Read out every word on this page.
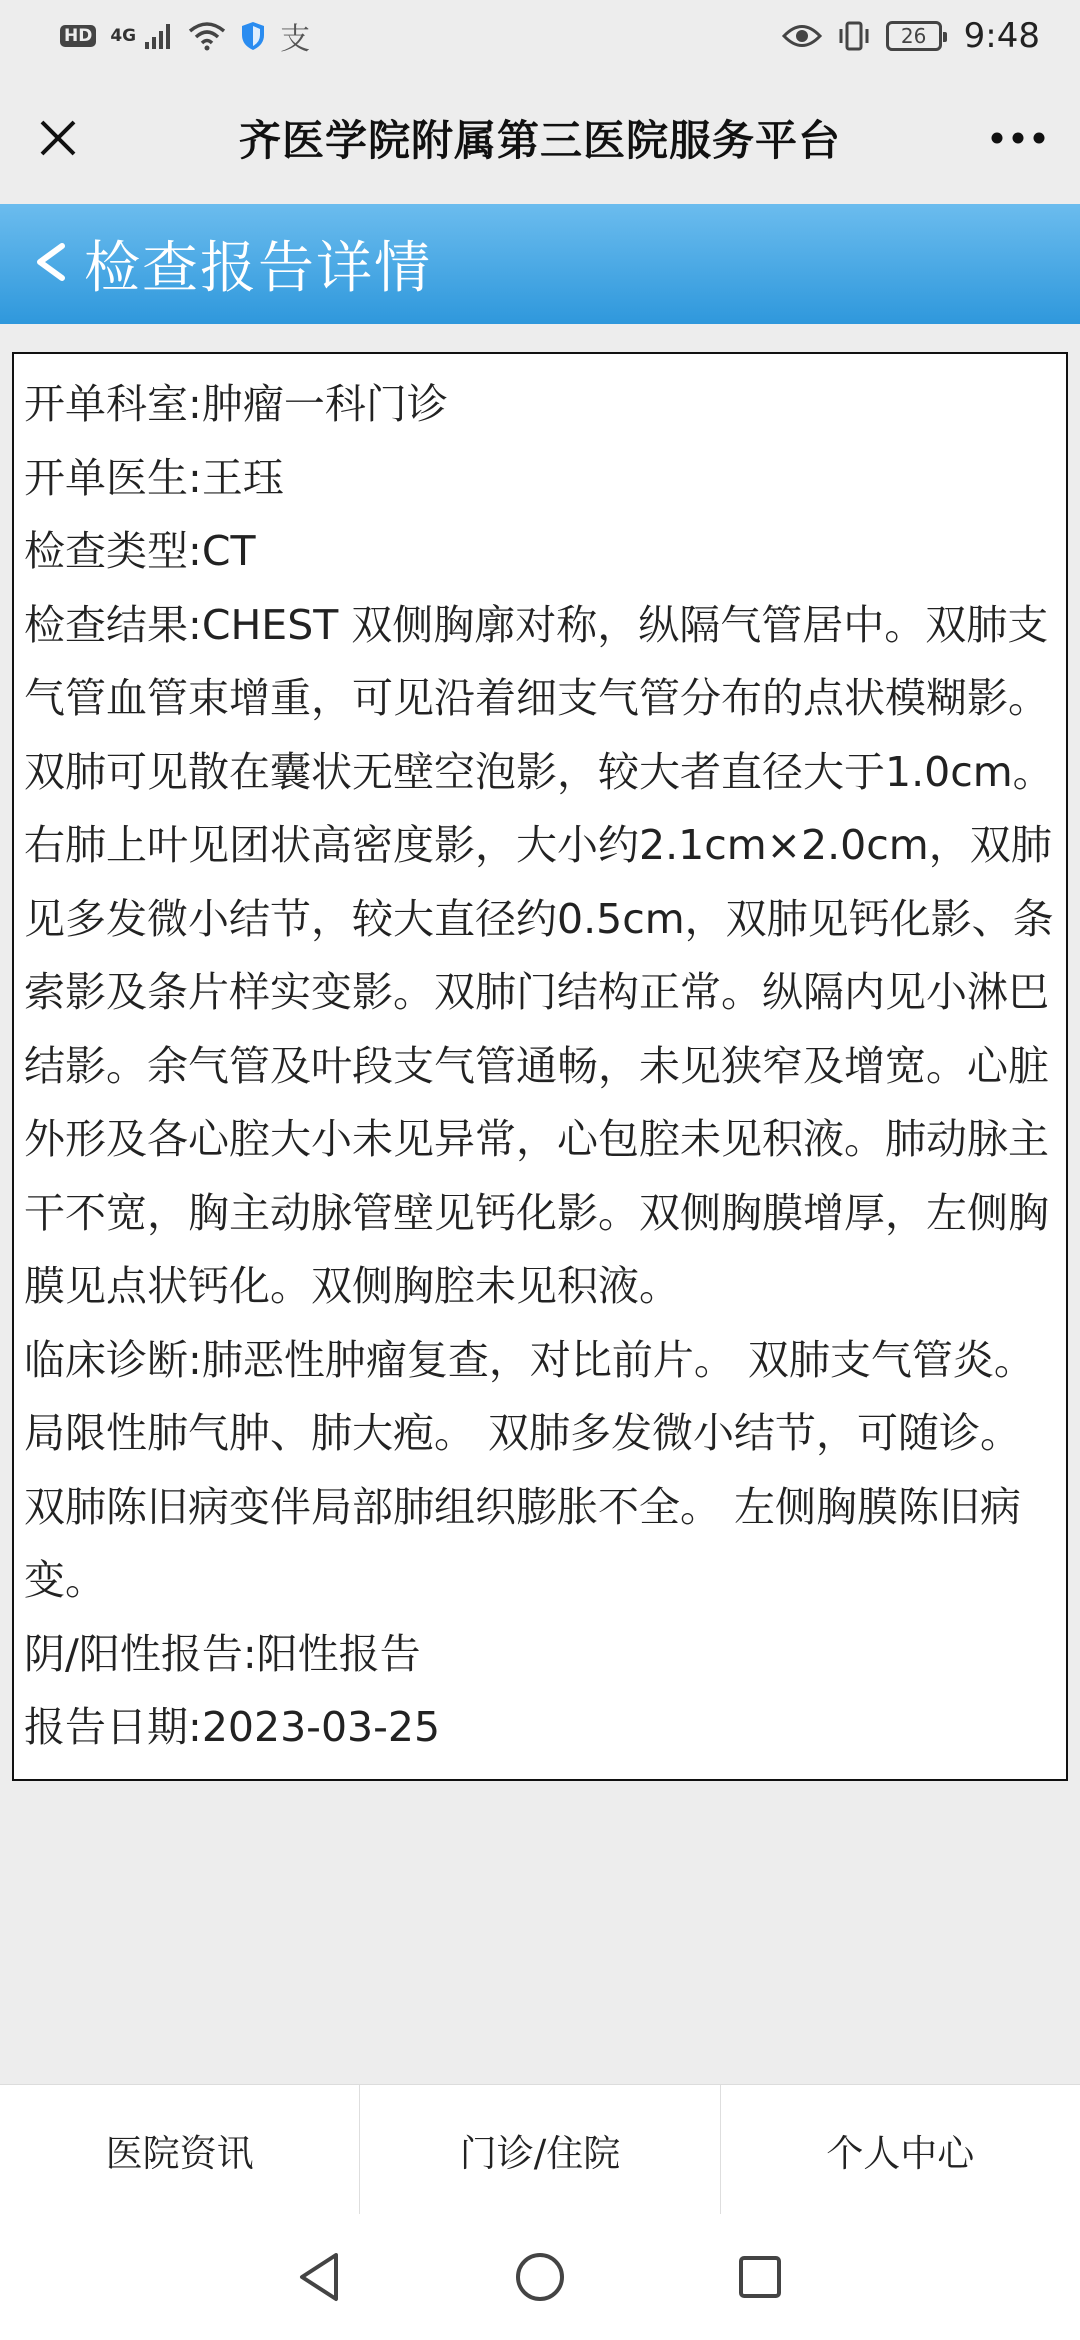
HD 4G	支	26	9:48
齐医学院附属第三医院服务平台
检查报告详情
开单科室:肿瘤一科门诊
开单医生:王珏
检查类型:CT
检查结果:CHEST 双侧胸廓对称，纵隔气管居中。双肺支气管血管束增重，可见沿着细支气管分布的点状模糊影。双肺可见散在囊状无壁空泡影，较大者直径大于1.0cm。右肺上叶见团状高密度影，大小约2.1cm×2.0cm，双肺见多发微小结节，较大直径约0.5cm，双肺见钙化影、条索影及条片样实变影。双肺门结构正常。纵隔内见小淋巴结影。余气管及叶段支气管通畅，未见狭窄及增宽。心脏外形及各心腔大小未见异常，心包腔未见积液。肺动脉主干不宽，胸主动脉管壁见钙化影。双侧胸膜增厚，左侧胸膜见点状钙化。双侧胸腔未见积液。
临床诊断:肺恶性肿瘤复查，对比前片。 双肺支气管炎。 局限性肺气肿、肺大疱。 双肺多发微小结节，可随诊。 双肺陈旧病变伴局部肺组织膨胀不全。 左侧胸膜陈旧病变。
阴/阳性报告:阳性报告
报告日期:2023-03-25
医院资讯	门诊/住院	个人中心
